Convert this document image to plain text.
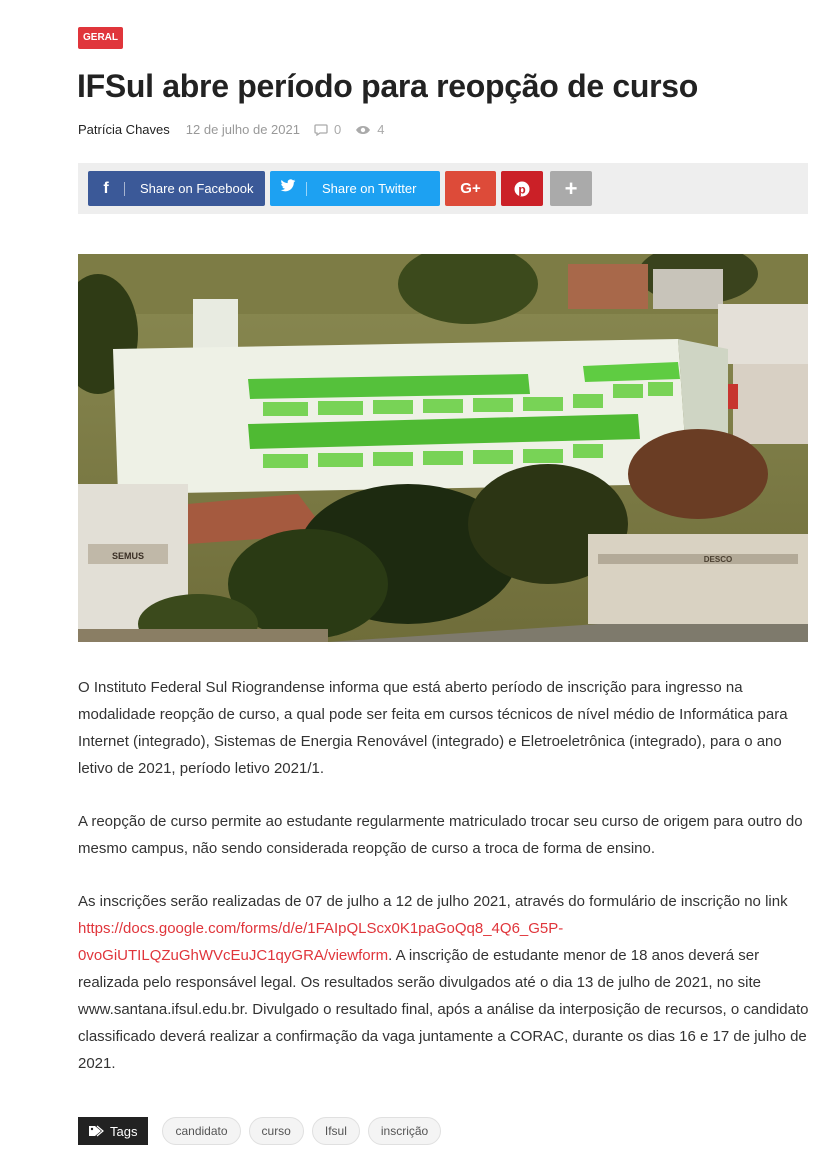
GERAL
IFSul abre período para reopção de curso
Patrícia Chaves 12 de julho de 2021	0	4
f	Share on Facebook	Share on Twitter	G+	p +
SEMUS	DESCO

O Instituto Federal Sul Riograndense informa que está aberto período de inscrição para ingresso na modalidade reopção de curso, a qual pode ser feita em cursos técnicos de nível médio de Informática para Internet (integrado), Sistemas de Energia Renovável (integrado) e Eletroeletrônica (integrado), para o ano letivo de 2021, período letivo 2021/1.

A reopção de curso permite ao estudante regularmente matriculado trocar seu curso de origem para outro do mesmo campus, não sendo considerada reopção de curso a troca de forma de ensino.

As inscrições serão realizadas de 07 de julho a 12 de julho 2021, através do formulário de inscrição no link https://docs.google.com/forms/d/e/1FAIpQLScx0K1paGoQq8_4Q6_G5P-0voGiUTILQZuGhWVcEuJC1qyGRA/viewform. A inscrição de estudante menor de 18 anos deverá ser realizada pelo responsável legal. Os resultados serão divulgados até o dia 13 de julho de 2021, no site www.santana.ifsul.edu.br. Divulgado o resultado final, após a análise da interposição de recursos, o candidato classificado deverá realizar a confirmação da vaga juntamente a CORAC, durante os dias 16 e 17 de julho de 2021.

Tags	candidato	curso	Ifsul	inscrição
